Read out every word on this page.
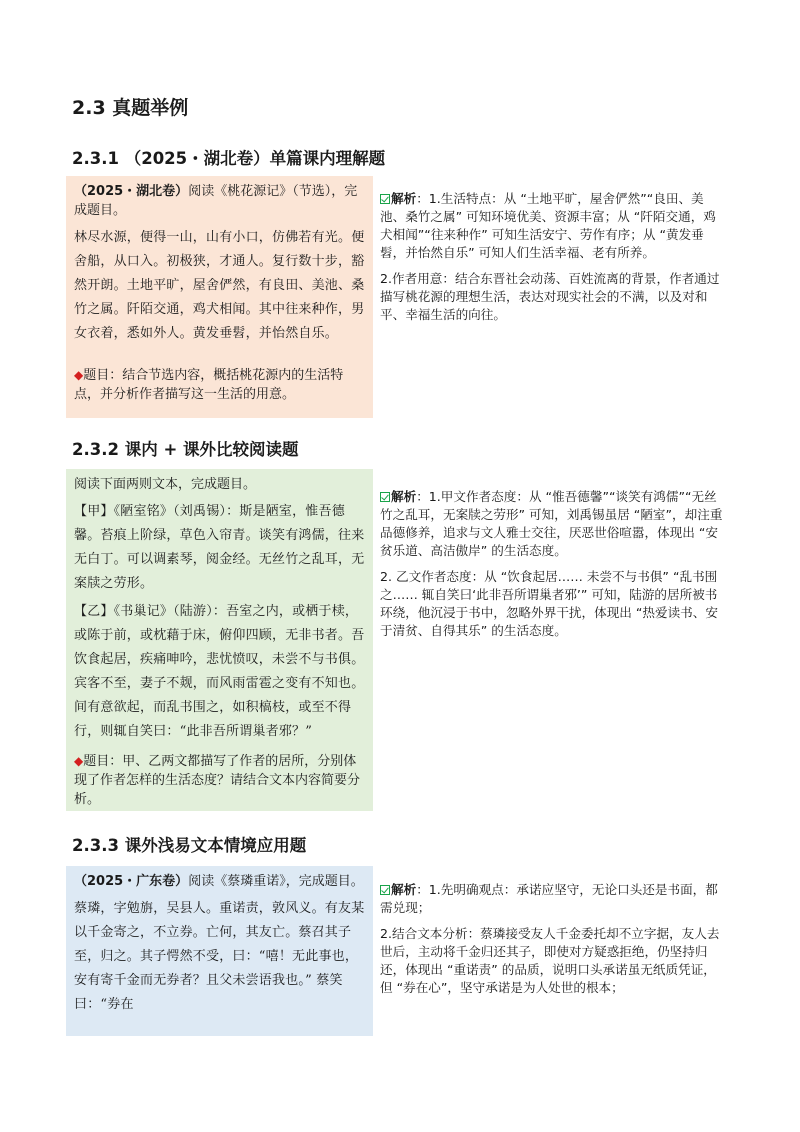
2.3 真题举例
2.3.1 （2025・湖北卷）单篇课内理解题

（2025・湖北卷）阅读《桃花源记》（节选），完成题目。

林尽水源，便得一山，山有小口，仿佛若有光。便舍船，从口入。初极狭，才通人。复行数十步，豁然开朗。土地平旷，屋舍俨然，有良田、美池、桑竹之属。阡陌交通，鸡犬相闻。其中往来种作，男女衣着，悉如外人。黄发垂髫，并怡然自乐。

◆题目：结合节选内容，概括桃花源内的生活特点，并分析作者描写这一生活的用意。

解析：1.生活特点：从 “土地平旷，屋舍俨然”“良田、美池、桑竹之属” 可知环境优美、资源丰富；从 “阡陌交通，鸡犬相闻”“往来种作” 可知生活安宁、劳作有序；从 “黄发垂髫，并怡然自乐” 可知人们生活幸福、老有所养。

2.作者用意：结合东晋社会动荡、百姓流离的背景，作者通过描写桃花源的理想生活，表达对现实社会的不满，以及对和平、幸福生活的向往。

2.3.2 课内 + 课外比较阅读题

阅读下面两则文本，完成题目。

【甲】《陋室铭》（刘禹锡）：斯是陋室，惟吾德馨。苔痕上阶绿，草色入帘青。谈笑有鸿儒，往来无白丁。可以调素琴，阅金经。无丝竹之乱耳，无案牍之劳形。

【乙】《书巢记》（陆游）：吾室之内，或栖于椟，或陈于前，或枕藉于床，俯仰四顾，无非书者。吾饮食起居，疾痛呻吟，悲忧愤叹，未尝不与书俱。宾客不至，妻子不觌，而风雨雷雹之变有不知也。间有意欲起，而乱书围之，如积槁枝，或至不得行，则辄自笑曰：“此非吾所谓巢者邪？”

◆题目：甲、乙两文都描写了作者的居所，分别体现了作者怎样的生活态度？请结合文本内容简要分析。

解析：1.甲文作者态度：从 “惟吾德馨”“谈笑有鸿儒”“无丝竹之乱耳，无案牍之劳形” 可知，刘禹锡虽居 “陋室”，却注重品德修养，追求与文人雅士交往，厌恶世俗喧嚣，体现出 “安贫乐道、高洁傲岸” 的生活态度。

2. 乙文作者态度：从 “饮食起居…… 未尝不与书俱” “乱书围之…… 辄自笑曰‘此非吾所谓巢者邪’” 可知，陆游的居所被书环绕，他沉浸于书中，忽略外界干扰，体现出 “热爱读书、安于清贫、自得其乐” 的生活态度。

2.3.3 课外浅易文本情境应用题

（2025・广东卷）阅读《蔡璘重诺》，完成题目。

蔡璘，字勉旃，吴县人。重诺责，敦风义。有友某以千金寄之，不立券。亡何，其友亡。蔡召其子至，归之。其子愕然不受，曰：“嘻！无此事也，安有寄千金而无券者？且父未尝语我也。” 蔡笑曰：“券在

解析：1.先明确观点：承诺应坚守，无论口头还是书面，都需兑现；

2.结合文本分析：蔡璘接受友人千金委托却不立字据，友人去世后，主动将千金归还其子，即使对方疑惑拒绝，仍坚持归还，体现出 “重诺责” 的品质，说明口头承诺虽无纸质凭证，但 “券在心”，坚守承诺是为人处世的根本；
